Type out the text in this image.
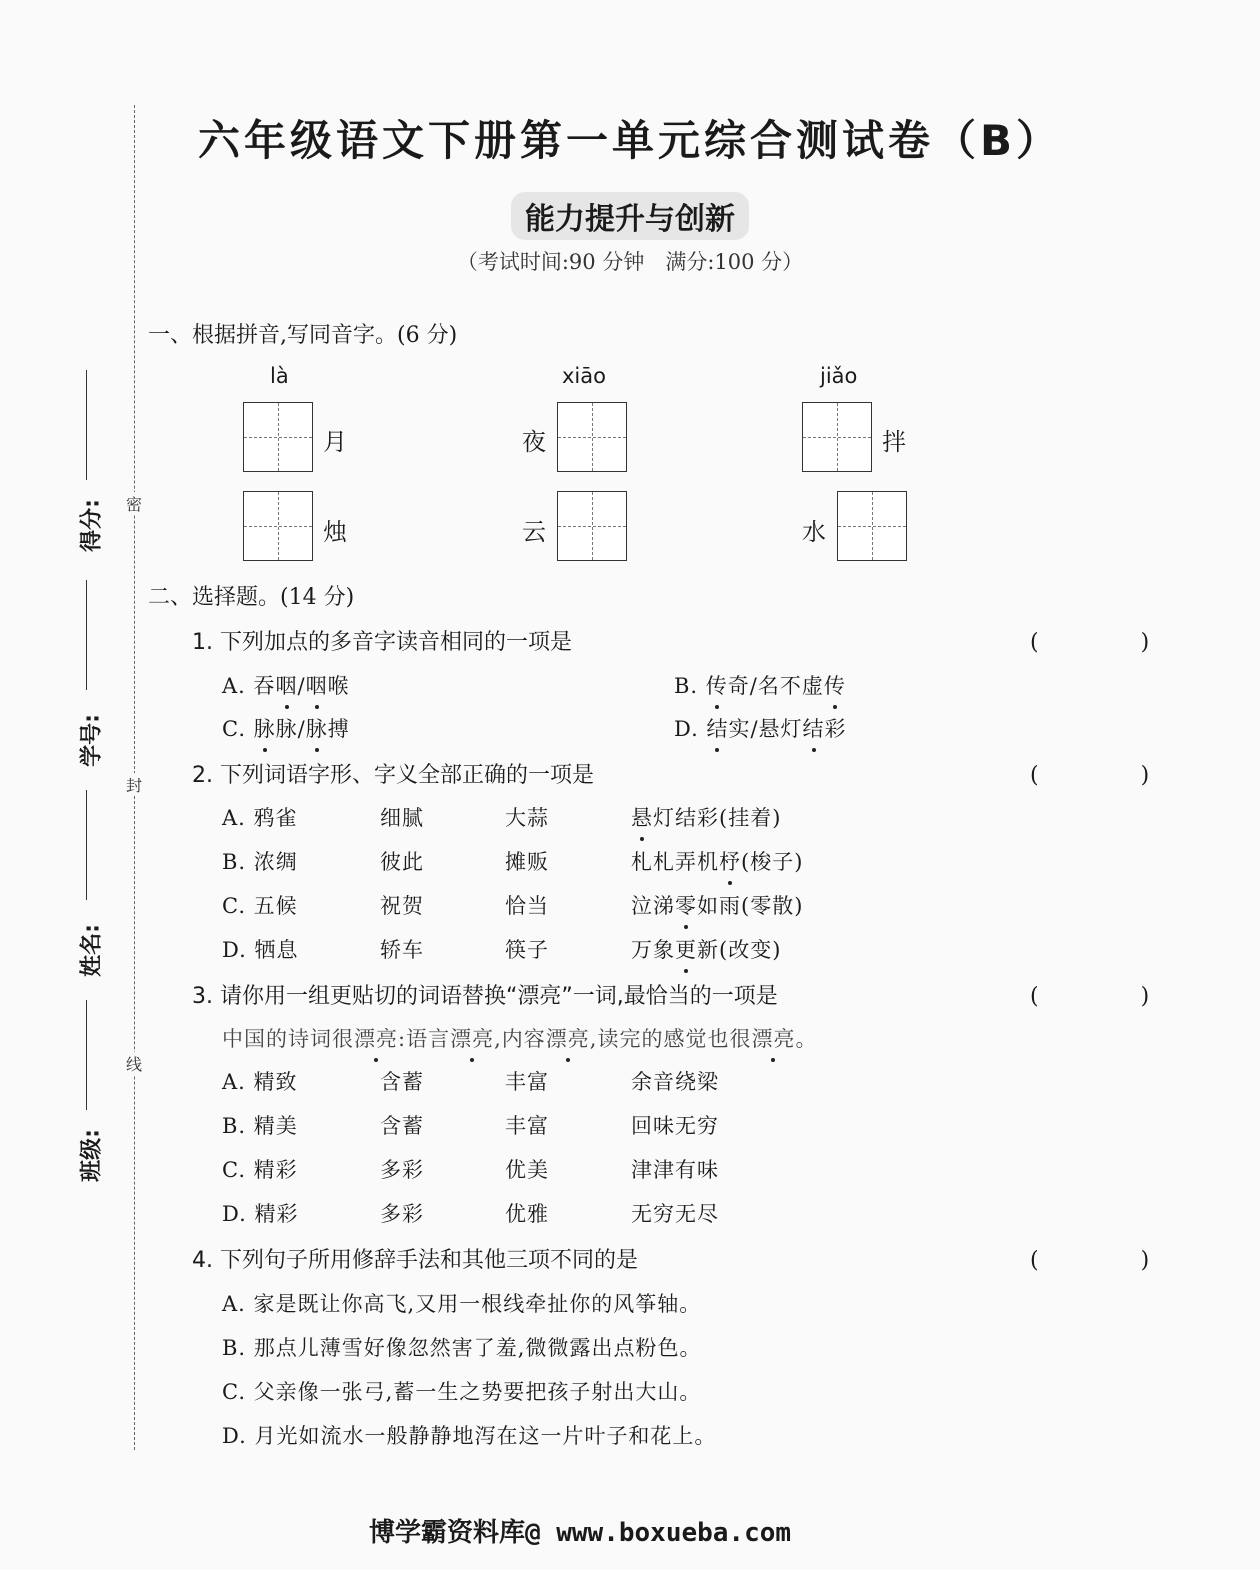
密
封
线
得分:
学号:
姓名:
班级:
六年级语文下册第一单元综合测试卷（B）
能力提升与创新
（考试时间:90 分钟　满分:100 分）
一、根据拼音,写同音字。(6 分)
là	xiāo	jiǎo
月	夜	拌
烛	云	水
二、选择题。(14 分)
1. 下列加点的多音字读音相同的一项是	(　)
A. 吞咽/咽喉	B. 传奇/名不虚传
C. 脉脉/脉搏	D. 结实/悬灯结彩
2. 下列词语字形、字义全部正确的一项是	(　)
A. 鸦雀	细腻	大蒜	悬灯结彩(挂着)
B. 浓绸	彼此	摊贩	札札弄机杼(梭子)
C. 五候	祝贺	恰当	泣涕零如雨(零散)
D. 牺息	轿车	筷子	万象更新(改变)
3. 请你用一组更贴切的词语替换“漂亮”一词,最恰当的一项是	(　)
中国的诗词很漂亮:语言漂亮,内容漂亮,读完的感觉也很漂亮。
A. 精致	含蓄	丰富	余音绕梁
B. 精美	含蓄	丰富	回味无穷
C. 精彩	多彩	优美	津津有味
D. 精彩	多彩	优雅	无穷无尽
4. 下列句子所用修辞手法和其他三项不同的是	(　)
A. 家是既让你高飞,又用一根线牵扯你的风筝轴。
B. 那点儿薄雪好像忽然害了羞,微微露出点粉色。
C. 父亲像一张弓,蓄一生之势要把孩子射出大山。
D. 月光如流水一般静静地泻在这一片叶子和花上。
博学霸资料库@ www.boxueba.com
